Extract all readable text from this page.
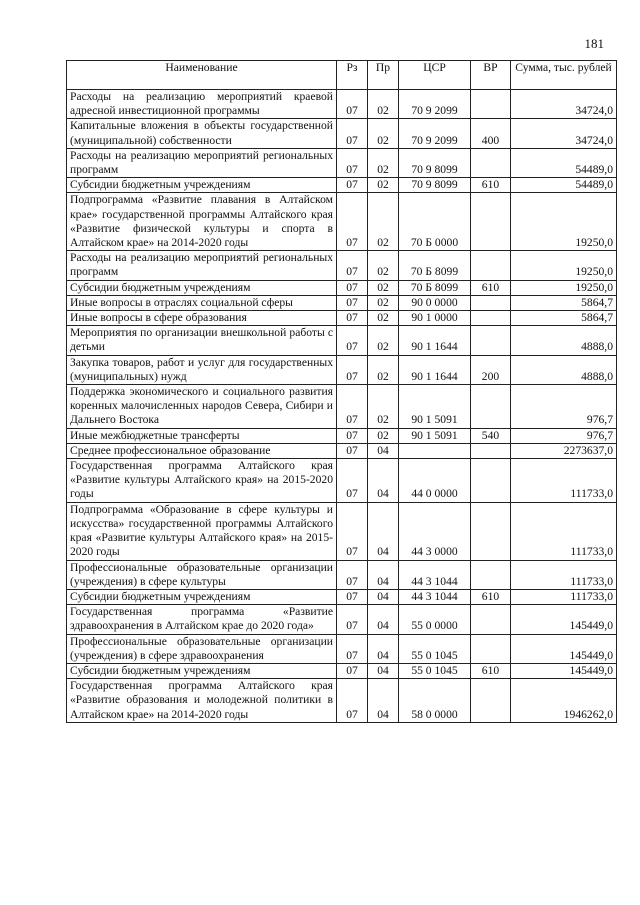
181
Наименование	Рз	Пр	ЦСР	ВР	Сумма, тыс. рублей
Расходы на реализацию мероприятий краевой адресной инвестиционной программы	07	02	70 9 2099		34724,0
Капитальные вложения в объекты государственной (муниципальной) собственности	07	02	70 9 2099	400	34724,0
Расходы на реализацию мероприятий региональных программ	07	02	70 9 8099		54489,0
Субсидии бюджетным учреждениям	07	02	70 9 8099	610	54489,0
Подпрограмма «Развитие плавания в Алтайском крае» государственной программы Алтайского края «Развитие физической культуры и спорта в Алтайском крае» на 2014-2020 годы	07	02	70 Б 0000		19250,0
Расходы на реализацию мероприятий региональных программ	07	02	70 Б 8099		19250,0
Субсидии бюджетным учреждениям	07	02	70 Б 8099	610	19250,0
Иные вопросы в отраслях социальной сферы	07	02	90 0 0000		5864,7
Иные вопросы в сфере образования	07	02	90 1 0000		5864,7
Мероприятия по организации внешкольной работы с детьми	07	02	90 1 1644		4888,0
Закупка товаров, работ и услуг для государственных (муниципальных) нужд	07	02	90 1 1644	200	4888,0
Поддержка экономического и социального развития коренных малочисленных народов Севера, Сибири и Дальнего Востока	07	02	90 1 5091		976,7
Иные межбюджетные трансферты	07	02	90 1 5091	540	976,7
Среднее профессиональное образование	07	04			2273637,0
Государственная программа Алтайского края «Развитие культуры Алтайского края» на 2015-2020 годы	07	04	44 0 0000		111733,0
Подпрограмма «Образование в сфере культуры и искусства» государственной программы Алтайского края «Развитие культуры Алтайского края» на 2015-2020 годы	07	04	44 3 0000		111733,0
Профессиональные образовательные организации (учреждения) в сфере культуры	07	04	44 3 1044		111733,0
Субсидии бюджетным учреждениям	07	04	44 3 1044	610	111733,0
Государственная программа «Развитие здравоохранения в Алтайском крае до 2020 года»	07	04	55 0 0000		145449,0
Профессиональные образовательные организации (учреждения) в сфере здравоохранения	07	04	55 0 1045		145449,0
Субсидии бюджетным учреждениям	07	04	55 0 1045	610	145449,0
Государственная программа Алтайского края «Развитие образования и молодежной политики в Алтайском крае» на 2014-2020 годы	07	04	58 0 0000		1946262,0
